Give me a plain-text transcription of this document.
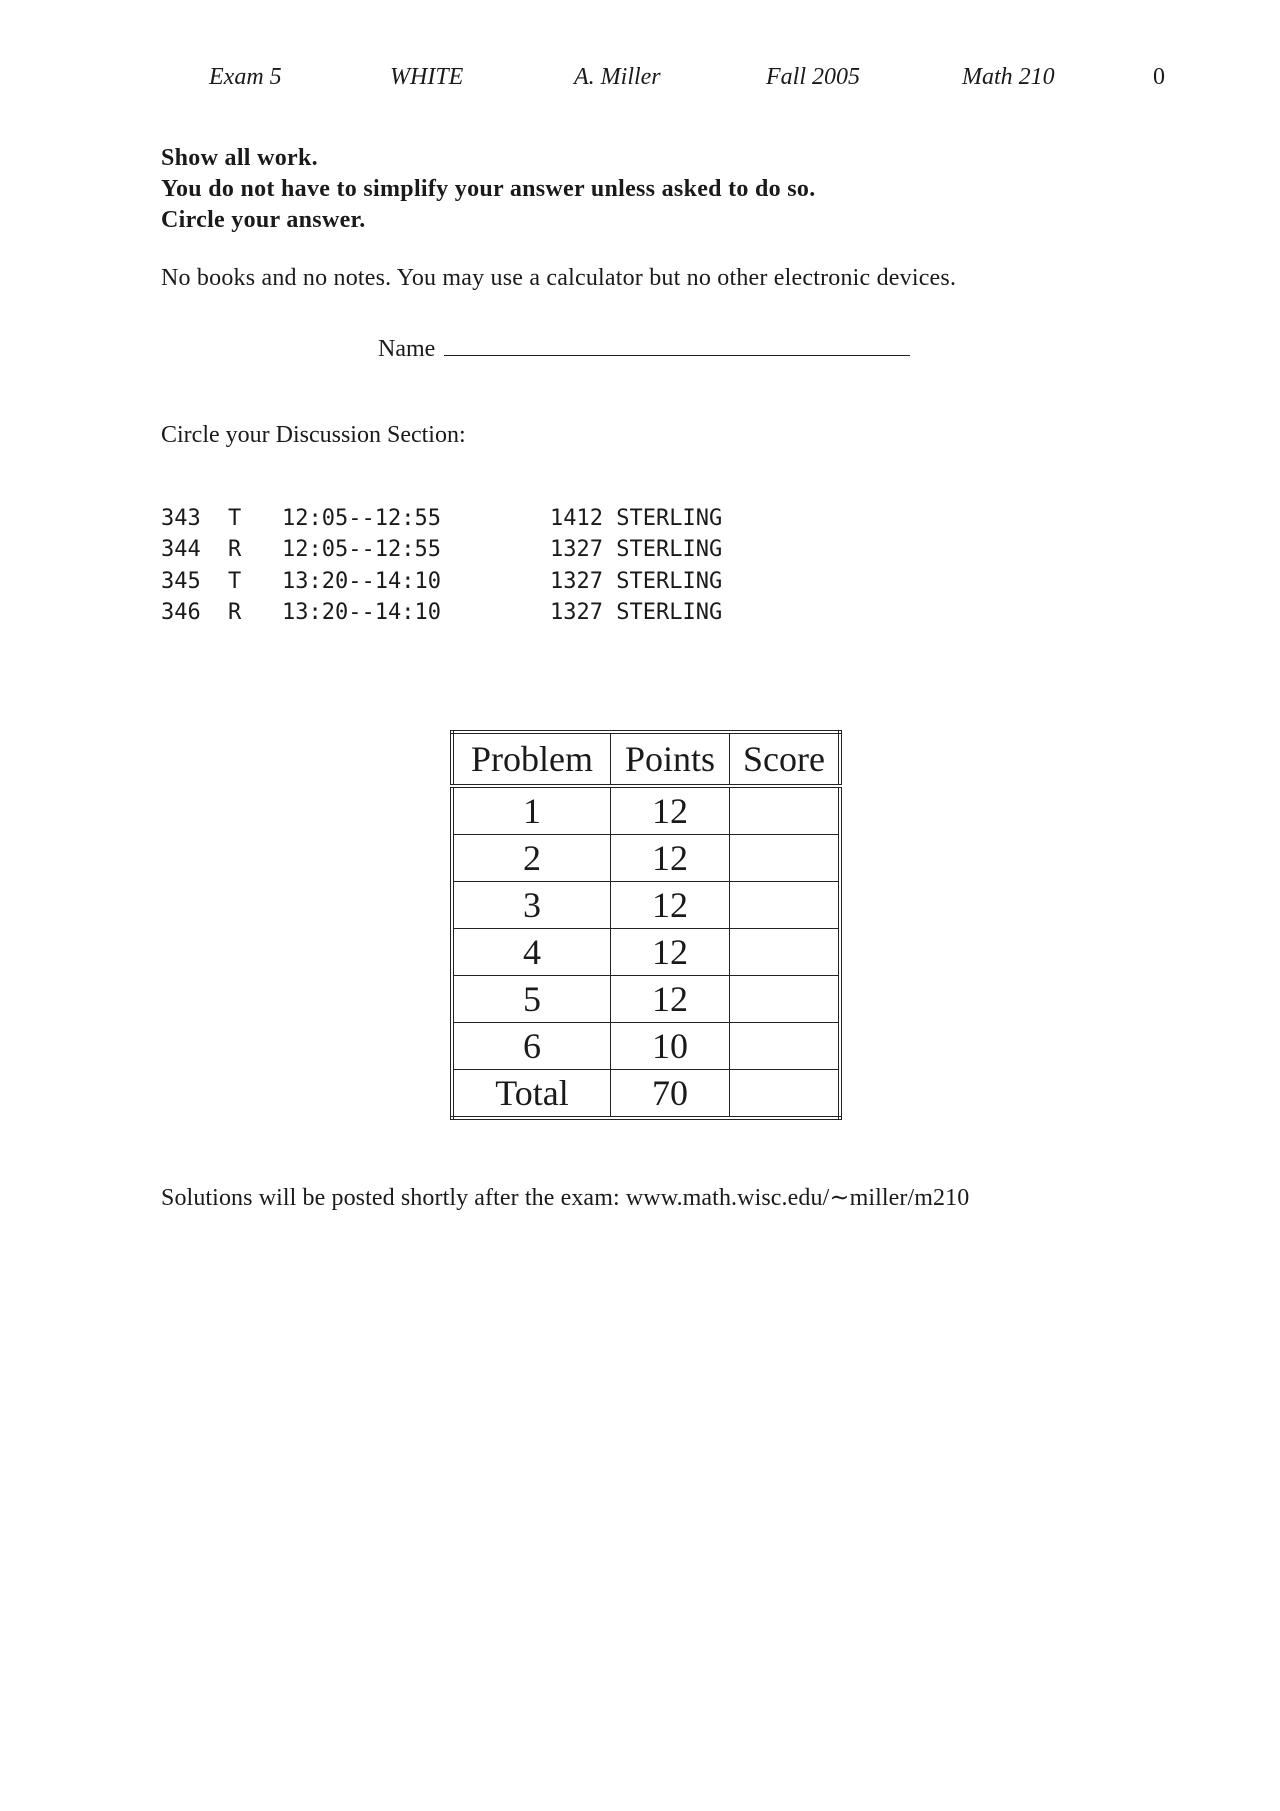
Exam 5	WHITE	A. Miller	Fall 2005	Math 210	0
Show all work.
You do not have to simplify your answer unless asked to do so.
Circle your answer.
No books and no notes. You may use a calculator but no other electronic devices.
Name
Circle your Discussion Section:
343 T 12:05--12:55	1412 STERLING
344 R 12:05--12:55	1327 STERLING
345 T 13:20--14:10	1327 STERLING
346 R 13:20--14:10	1327 STERLING
Problem	Points	Score
1	12	
2	12	
3	12	
4	12	
5	12	
6	10	
Total	70	
Solutions will be posted shortly after the exam: www.math.wisc.edu/∼miller/m210
